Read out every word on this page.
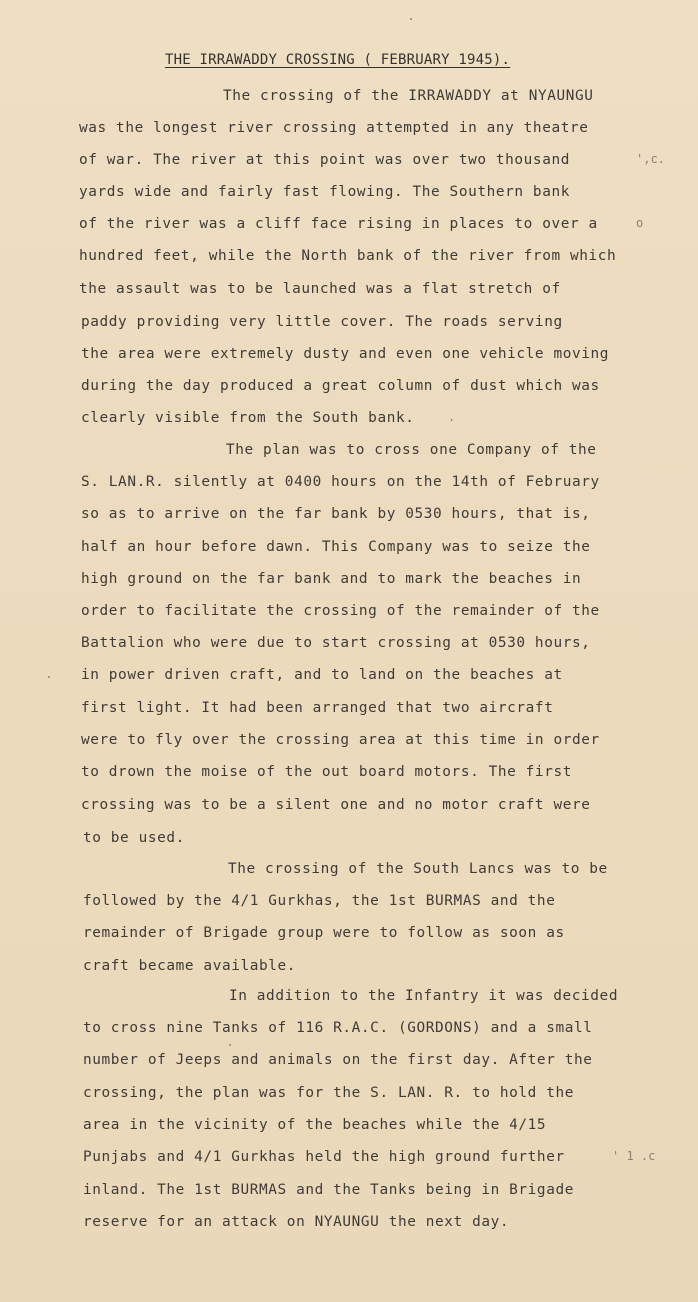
THE IRRAWADDY CROSSING ( FEBRUARY 1945).
The crossing of the IRRAWADDY at NYAUNGU
was the longest river crossing attempted in any theatre
of war. The river at this point was over two thousand
yards wide and fairly fast flowing. The Southern bank
of the river was a cliff face rising in places to over a
hundred feet, while the North bank of the river from which
the assault was to be launched was a flat stretch of
paddy providing very little cover. The roads serving
the area were extremely dusty and even one vehicle moving
during the day produced a great column of dust which was
clearly visible from the South bank.
The plan was to cross one Company of the
S. LAN.R. silently at 0400 hours on the 14th of February
so as to arrive on the far bank by 0530 hours, that is,
half an hour before dawn. This Company was to seize the
high ground on the far bank and to mark the beaches in
order to facilitate the crossing of the remainder of the
Battalion who were due to start crossing at 0530 hours,
in power driven craft, and to land on the beaches at
first light. It had been arranged that two aircraft
were to fly over the crossing area at this time in order
to drown the moise of the out board motors. The first
crossing was to be a silent one and no motor craft were
to be used.
The crossing of the South Lancs was to be
followed by the 4/1 Gurkhas, the 1st BURMAS and the
remainder of Brigade group were to follow as soon as
craft became available.
In addition to the Infantry it was decided
to cross nine Tanks of 116 R.A.C. (GORDONS) and a small
number of Jeeps and animals on the first day. After the
crossing, the plan was for the S. LAN. R. to hold the
area in the vicinity of the beaches while the 4/15
Punjabs and 4/1 Gurkhas held the high ground further
inland. The 1st BURMAS and the Tanks being in Brigade
reserve for an attack on NYAUNGU the next day.
',c.
o
' 1 .c
.
